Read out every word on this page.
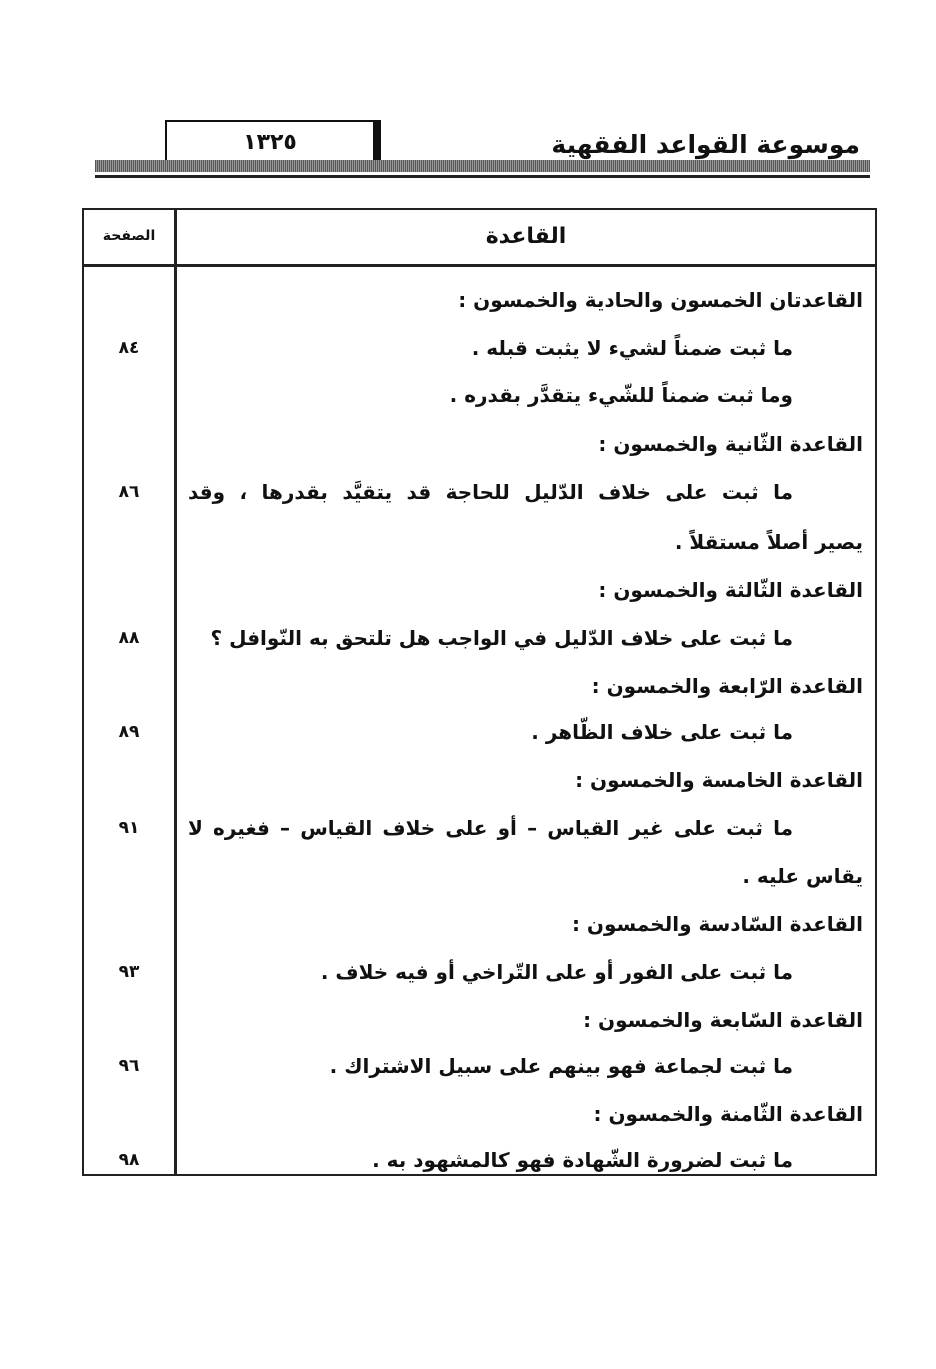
موسوعة القواعد الفقهية
١٣٢٥
الصفحة	القاعدة
القاعدتان الخمسون والحادية والخمسون :
ما ثبت ضمناً لشيء لا يثبت قبله .
٨٤
وما ثبت ضمناً للشّيء يتقدَّر بقدره .
القاعدة الثّانية والخمسون :
ما ثبت على خلاف الدّليل للحاجة قد يتقيَّد بقدرها ، وقد
٨٦
يصير أصلاً مستقلاً .
القاعدة الثّالثة والخمسون :
ما ثبت على خلاف الدّليل في الواجب هل تلتحق به النّوافل ؟
٨٨
القاعدة الرّابعة والخمسون :
ما ثبت على خلاف الظّاهر .
٨٩
القاعدة الخامسة والخمسون :
ما ثبت على غير القياس – أو على خلاف القياس – فغيره لا
٩١
يقاس عليه .
القاعدة السّادسة والخمسون :
ما ثبت على الفور أو على التّراخي أو فيه خلاف .
٩٣
القاعدة السّابعة والخمسون :
ما ثبت لجماعة فهو بينهم على سبيل الاشتراك .
٩٦
القاعدة الثّامنة والخمسون :
ما ثبت لضرورة الشّهادة فهو كالمشهود به .
٩٨
